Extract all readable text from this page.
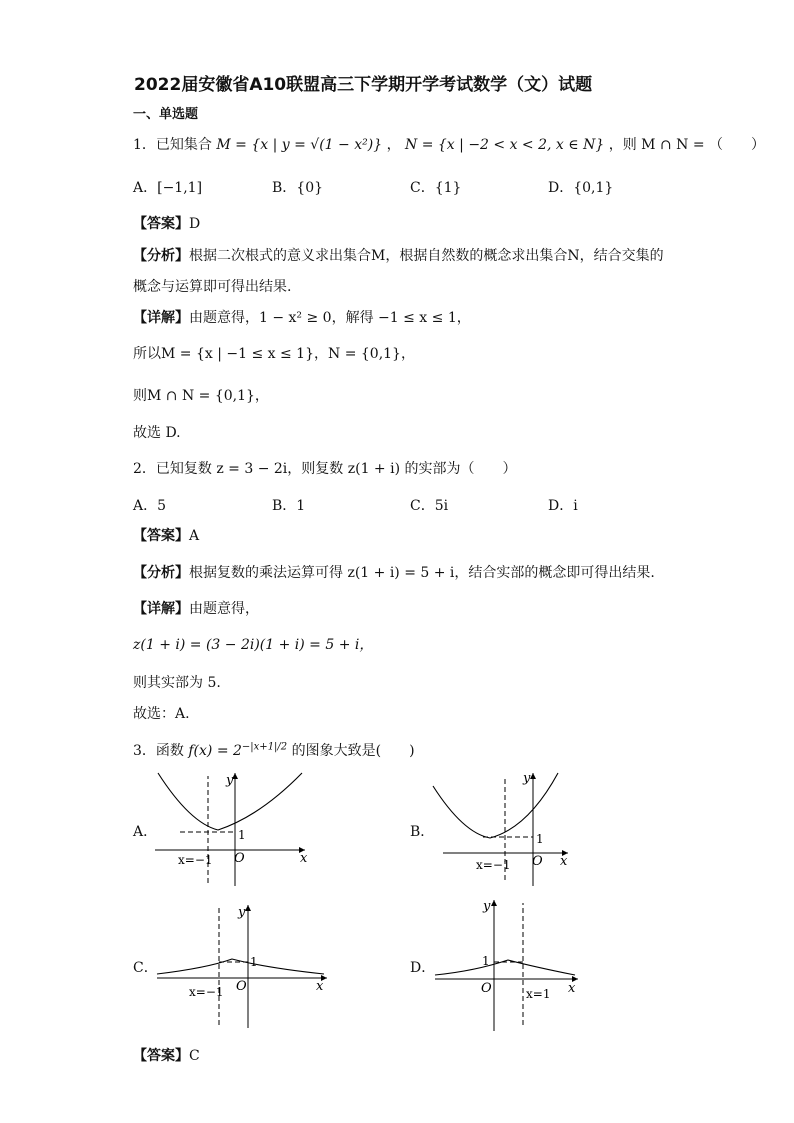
2022届安徽省A10联盟高三下学期开学考试数学（文）试题
一、单选题
1．已知集合 M = {x | y = √(1 − x²)} ， N = {x | −2 < x < 2, x ∈ N} ，则 M ∩ N = （　　）
A．[−1,1]	B．{0}	C．{1}	D．{0,1}
【答案】D
【分析】根据二次根式的意义求出集合M，根据自然数的概念求出集合N，结合交集的
概念与运算即可得出结果.
【详解】由题意得，1 − x² ≥ 0，解得 −1 ≤ x ≤ 1，
所以M = {x | −1 ≤ x ≤ 1}，N = {0,1}，
则M ∩ N = {0,1}，
故选 D.
2．已知复数 z = 3 − 2i，则复数 z(1 + i) 的实部为（　　）
A．5	B．1	C．5i	D．i
【答案】A
【分析】根据复数的乘法运算可得 z(1 + i) = 5 + i，结合实部的概念即可得出结果.
【详解】由题意得，
z(1 + i) = (3 − 2i)(1 + i) = 5 + i，
则其实部为 5.
故选：A.
3．函数 $f(x) = 2^{-|x+1|/2}$ 的图象大致是(　　)
A．	1
O	x
y
x=−1
B．	1
O x
y
x=−1
C．	1
O	x
y
x=−1
D．	1
O	x
y
x=1
【答案】C
